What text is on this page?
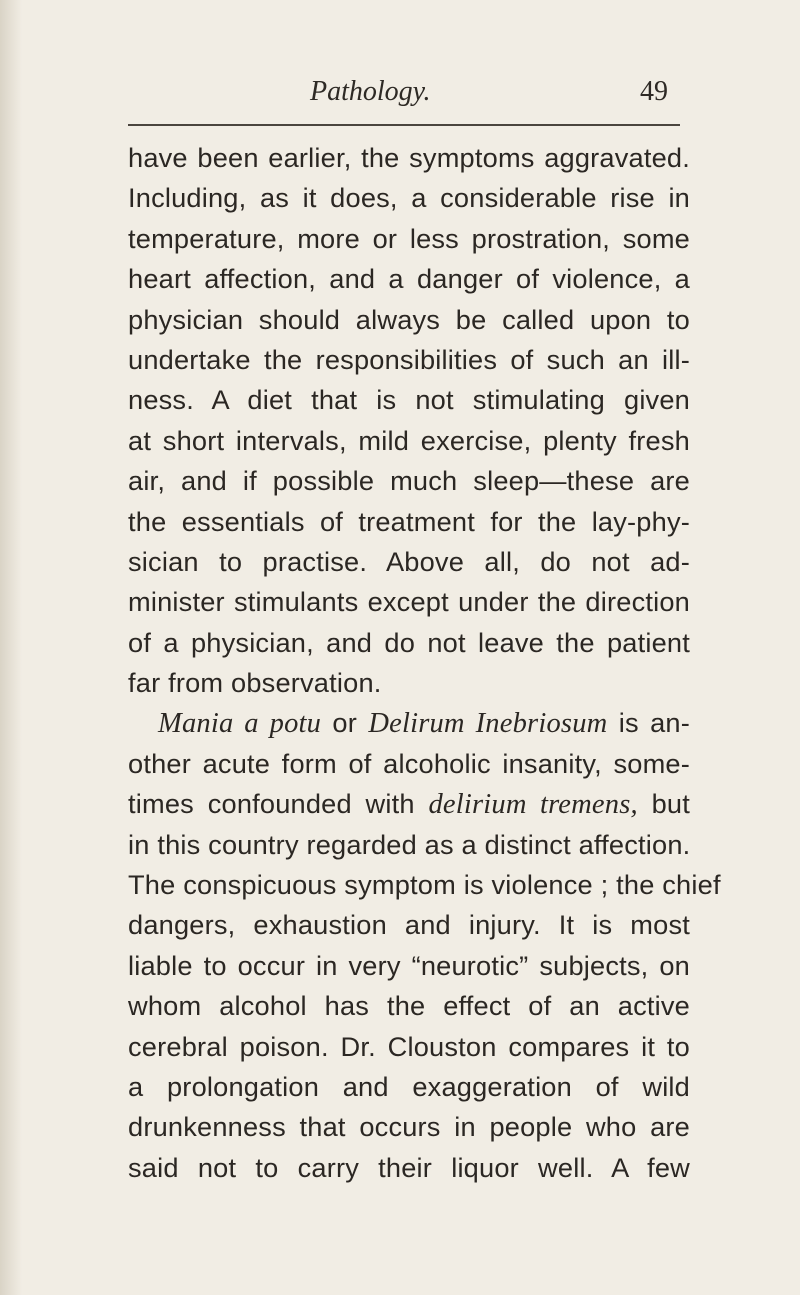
Pathology.	49
have been earlier, the symptoms aggravated.
Including, as it does, a considerable rise in
temperature, more or less prostration, some
heart affection, and a danger of violence, a
physician should always be called upon to
undertake the responsibilities of such an ill-
ness. A diet that is not stimulating given
at short intervals, mild exercise, plenty fresh
air, and if possible much sleep—these are
the essentials of treatment for the lay-phy-
sician to practise. Above all, do not ad-
minister stimulants except under the direction
of a physician, and do not leave the patient
far from observation.
Mania a potu or Delirum Inebriosum is an-
other acute form of alcoholic insanity, some-
times confounded with delirium tremens, but
in this country regarded as a distinct affection.
The conspicuous symptom is violence ; the chief
dangers, exhaustion and injury. It is most
liable to occur in very “neurotic” subjects, on
whom alcohol has the effect of an active
cerebral poison. Dr. Clouston compares it to
a prolongation and exaggeration of wild
drunkenness that occurs in people who are
said not to carry their liquor well. A few
